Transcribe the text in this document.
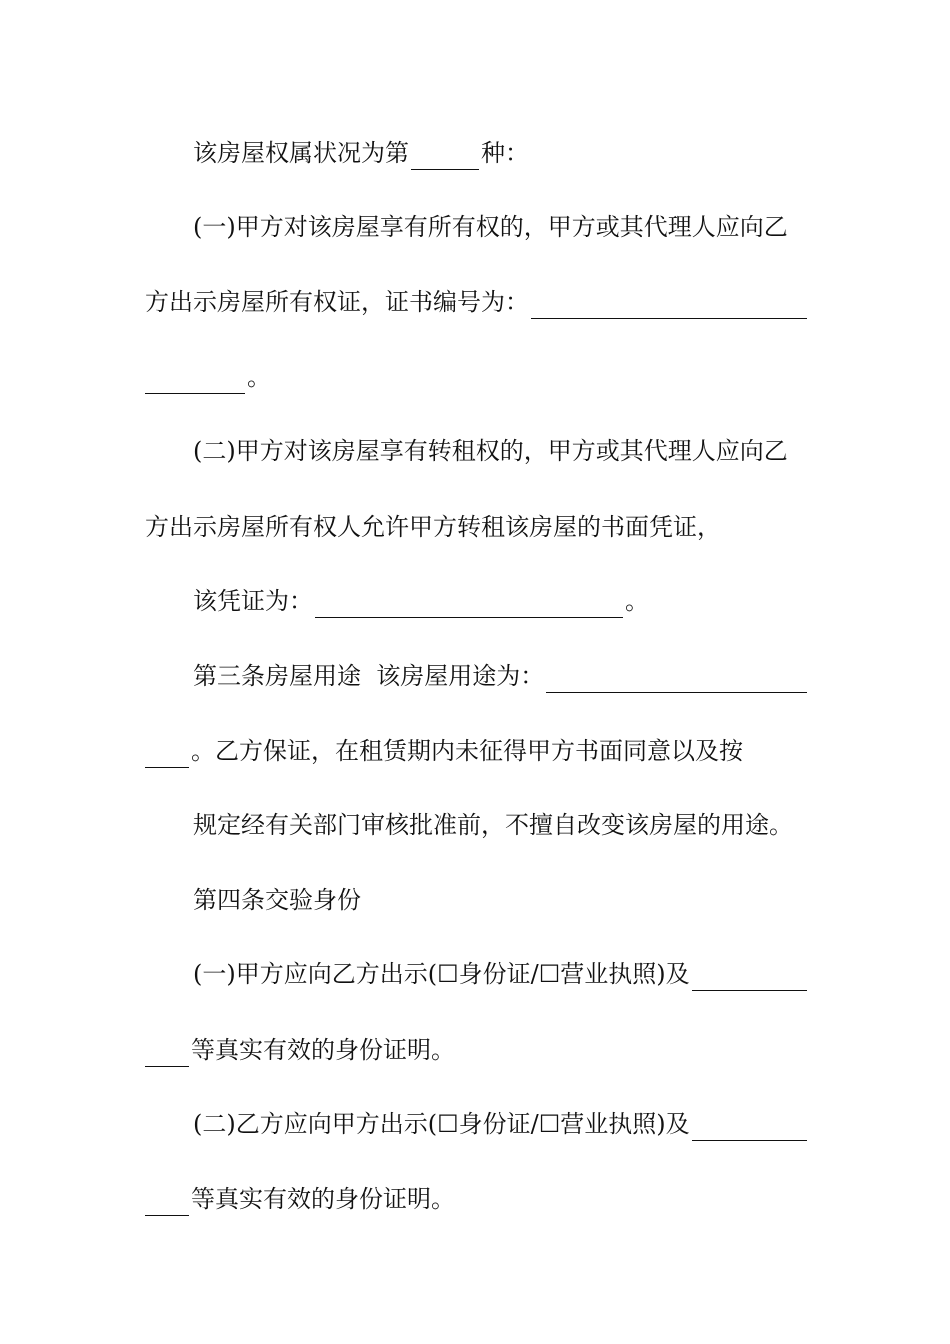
该房屋权属状况为第	种：
(一)甲方对该房屋享有所有权的，甲方或其代理人应向乙
方出示房屋所有权证，证书编号为：
。
(二)甲方对该房屋享有转租权的，甲方或其代理人应向乙
方出示房屋所有权人允许甲方转租该房屋的书面凭证，
该凭证为：	。
第三条房屋用途  该房屋用途为：
。乙方保证，在租赁期内未征得甲方书面同意以及按
规定经有关部门审核批准前，不擅自改变该房屋的用途。
第四条交验身份
(一)甲方应向乙方出示(☐身份证/☐营业执照)及
等真实有效的身份证明。
(二)乙方应向甲方出示(☐身份证/☐营业执照)及
等真实有效的身份证明。
